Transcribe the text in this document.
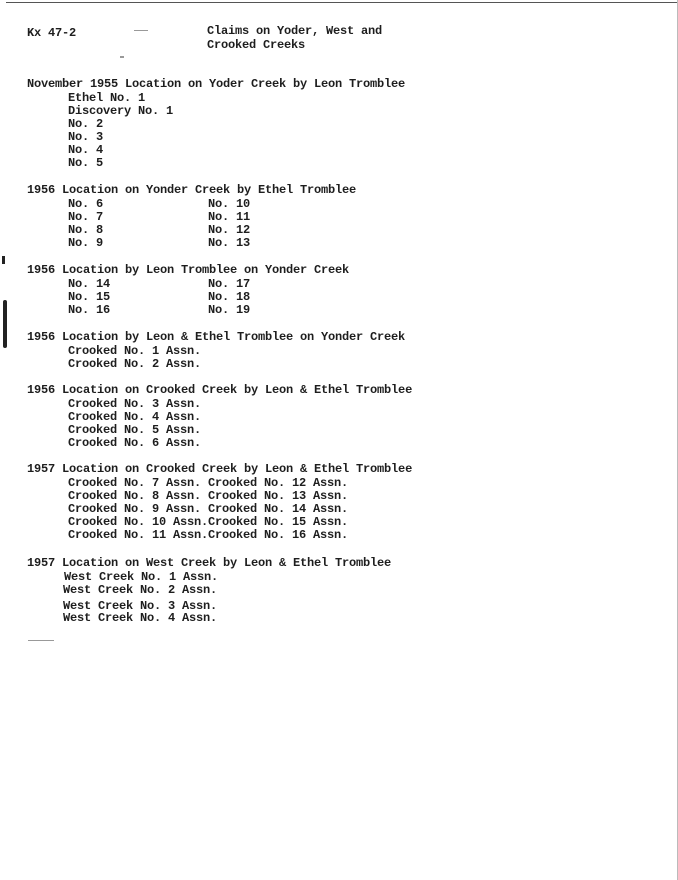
Kx 47-2	Claims on Yoder, West and
Crooked Creeks
November 1955 Location on Yoder Creek by Leon Tromblee
Ethel No. 1
Discovery No. 1
No. 2
No. 3
No. 4
No. 5
1956 Location on Yonder Creek by Ethel Tromblee
No. 6
No. 7
No. 8
No. 9
No. 10
No. 11
No. 12
No. 13
1956 Location by Leon Tromblee on Yonder Creek
No. 14
No. 15
No. 16
No. 17
No. 18
No. 19
1956 Location by Leon & Ethel Tromblee on Yonder Creek
Crooked No. 1 Assn.
Crooked No. 2 Assn.
1956 Location on Crooked Creek by Leon & Ethel Tromblee
Crooked No. 3 Assn.
Crooked No. 4 Assn.
Crooked No. 5 Assn.
Crooked No. 6 Assn.
1957 Location on Crooked Creek by Leon & Ethel Tromblee
Crooked No. 7 Assn.
Crooked No. 8 Assn.
Crooked No. 9 Assn.
Crooked No. 10 Assn.
Crooked No. 11 Assn.
Crooked No. 12 Assn.
Crooked No. 13 Assn.
Crooked No. 14 Assn.
Crooked No. 15 Assn.
Crooked No. 16 Assn.
1957 Location on West Creek by Leon & Ethel Tromblee
West Creek No. 1 Assn.
West Creek No. 2 Assn.
West Creek No. 3 Assn.
West Creek No. 4 Assn.
